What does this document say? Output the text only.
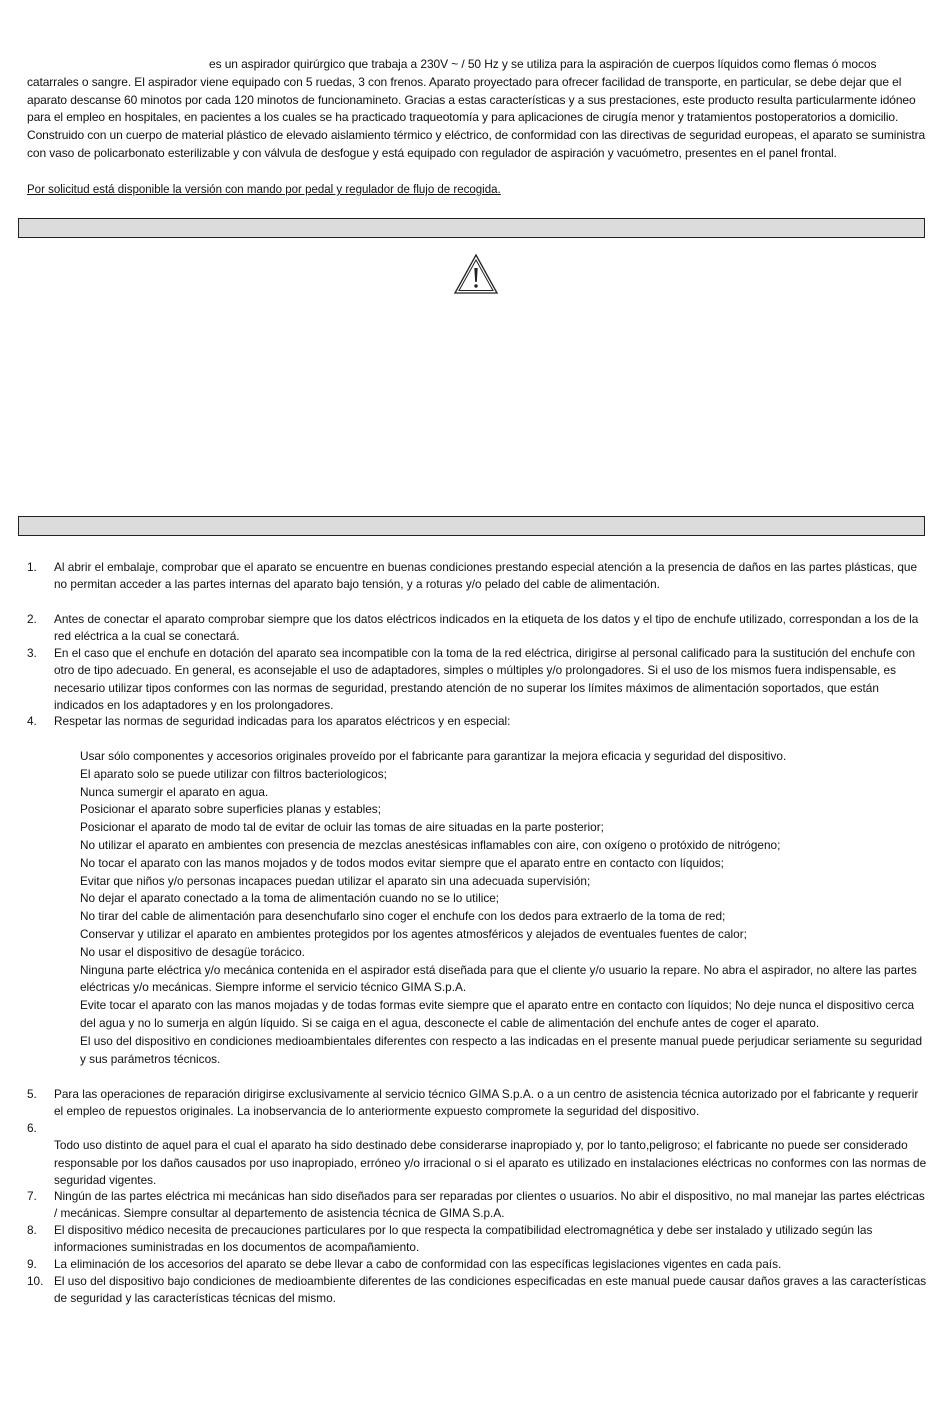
es un aspirador quirúrgico que trabaja a 230V ~ / 50 Hz y se utiliza para la aspiración de cuerpos líquidos como flemas ó mocos catarrales o sangre. El aspirador viene equipado con 5 ruedas, 3 con frenos. Aparato proyectado para ofrecer facilidad de transporte, en particular, se debe dejar que el aparato descanse 60 minotos por cada 120 minotos de funcionamineto. Gracias a estas características y a sus prestaciones, este producto resulta particularmente idóneo para el empleo en hospitales, en pacientes a los cuales se ha practicado traqueotomía y para aplicaciones de cirugía menor y tratamientos postoperatorios a domicilio. Construido con un cuerpo de material plástico de elevado aislamiento térmico y eléctrico, de conformidad con las directivas de seguridad europeas, el aparato se suministra con vaso de policarbonato esterilizable y con válvula de desfogue y está equipado con regulador de aspiración y vacuómetro, presentes en el panel frontal.

Por solicitud está disponible la versión con mando por pedal y regulador de flujo de recogida.

1. Al abrir el embalaje, comprobar que el aparato se encuentre en buenas condiciones prestando especial atención a la presencia de daños en las partes plásticas, que no permitan acceder a las partes internas del aparato bajo tensión, y a roturas y/o pelado del cable de alimentación.
2. Antes de conectar el aparato comprobar siempre que los datos eléctricos indicados en la etiqueta de los datos y el tipo de enchufe utilizado, correspondan a los de la red eléctrica a la cual se conectará.
3. En el caso que el enchufe en dotación del aparato sea incompatible con la toma de la red eléctrica, dirigirse al personal calificado para la sustitución del enchufe con otro de tipo adecuado. En general, es aconsejable el uso de adaptadores, simples o múltiples y/o prolongadores. Si el uso de los mismos fuera indispensable, es necesario utilizar tipos conformes con las normas de seguridad, prestando atención de no superar los límites máximos de alimentación soportados, que están indicados en los adaptadores y en los prolongadores.
4. Respetar las normas de seguridad indicadas para los aparatos eléctricos y en especial:
Usar sólo componentes y accesorios originales proveído por el fabricante para garantizar la mejora eficacia y seguridad del dispositivo.
El aparato solo se puede utilizar con filtros bacteriologicos;
Nunca sumergir el aparato en agua.
Posicionar el aparato sobre superficies planas y estables;
Posicionar el aparato de modo tal de evitar de ocluir las tomas de aire situadas en la parte posterior;
No utilizar el aparato en ambientes con presencia de mezclas anestésicas inflamables con aire, con oxígeno o protóxido de nitrógeno;
No tocar el aparato con las manos mojados y de todos modos evitar siempre que el aparato entre en contacto con líquidos;
Evitar que niños y/o personas incapaces puedan utilizar el aparato sin una adecuada supervisión;
No dejar el aparato conectado a la toma de alimentación cuando no se lo utilice;
No tirar del cable de alimentación para desenchufarlo sino coger el enchufe con los dedos para extraerlo de la toma de red;
Conservar y utilizar el aparato en ambientes protegidos por los agentes atmosféricos y alejados de eventuales fuentes de calor;
No usar el dispositivo de desagüe torácico.
Ninguna parte eléctrica y/o mecánica contenida en el aspirador está diseñada para que el cliente y/o usuario la repare. No abra el aspirador, no altere las partes eléctricas y/o mecánicas. Siempre informe el servicio técnico GIMA S.p.A.
Evite tocar el aparato con las manos mojadas y de todas formas evite siempre que el aparato entre en contacto con líquidos; No deje nunca el dispositivo cerca del agua y no lo sumerja en algún líquido. Si se caiga en el agua, desconecte el cable de alimentación del enchufe antes de coger el aparato.
El uso del dispositivo en condiciones medioambientales diferentes con respecto a las indicadas en el presente manual puede perjudicar seriamente su seguridad y sus parámetros técnicos.
5. Para las operaciones de reparación dirigirse exclusivamente al servicio técnico GIMA S.p.A. o a un centro de asistencia técnica autorizado por el fabricante y requerir el empleo de repuestos originales. La inobservancia de lo anteriormente expuesto compromete la seguridad del dispositivo.
6.
Todo uso distinto de aquel para el cual el aparato ha sido destinado debe considerarse inapropiado y, por lo tanto,peligroso; el fabricante no puede ser considerado responsable por los daños causados por uso inapropiado, erróneo y/o irracional o si el aparato es utilizado en instalaciones eléctricas no conformes con las normas de seguridad vigentes.
7. Ningún de las partes eléctrica mi mecánicas han sido diseñados para ser reparadas por clientes o usuarios. No abir el dispositivo, no mal manejar las partes eléctricas / mecánicas. Siempre consultar al departemento de asistencia técnica de GIMA S.p.A.
8. El dispositivo médico necesita de precauciones particulares por lo que respecta la compatibilidad electromagnética y debe ser instalado y utilizado según las informaciones suministradas en los documentos de acompañamiento.
9. La eliminación de los accesorios del aparato se debe llevar a cabo de conformidad con las específicas legislaciones vigentes en cada país.
10. El uso del dispositivo bajo condiciones de medioambiente diferentes de las condiciones especificadas en este manual puede causar daños graves a las características de seguridad y las características técnicas del mismo.
